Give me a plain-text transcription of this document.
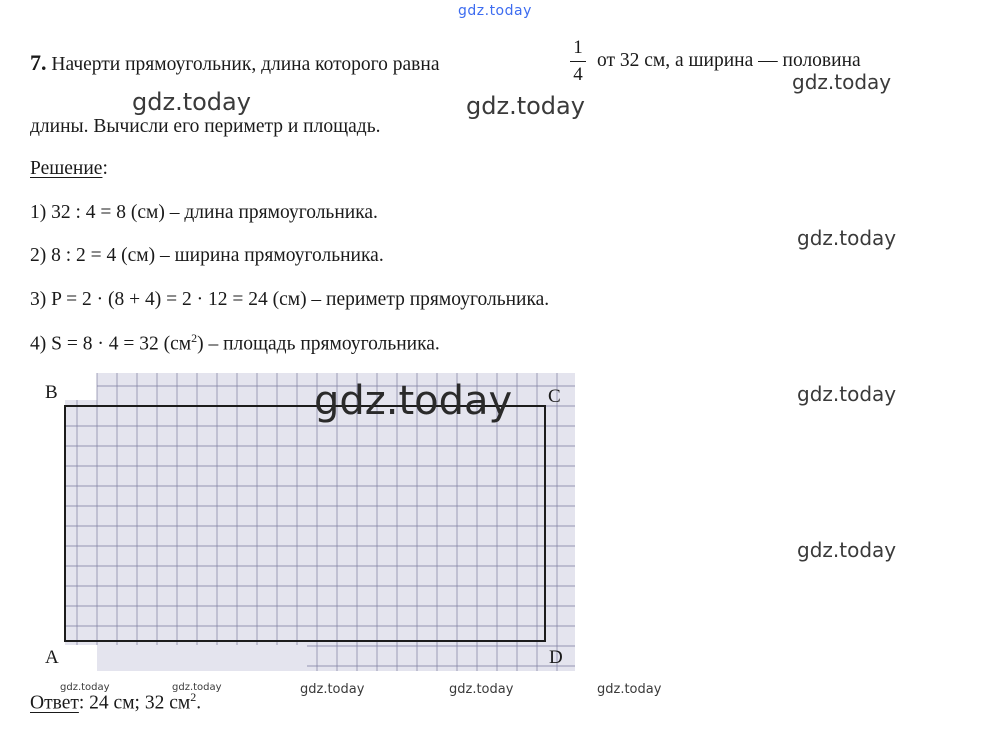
gdz.today
7. Начерти прямоугольник, длина которого равна
1
4
от 32 см, а ширина — половина
gdz.today
gdz.today	gdz.today
длины. Вычисли его периметр и площадь.
Решение:
1) 32 : 4 = 8 (см) – длина прямоугольника.
gdz.today
2) 8 : 2 = 4 (см) – ширина прямоугольника.
3) P = 2 · (8 + 4) = 2 · 12 = 24 (см) – периметр прямоугольника.
4) S = 8 · 4 = 32 $(см^2)$ – площадь прямоугольника.
gdz.today
gdz.today
B	C
A	D
gdz.today
gdz.today	gdz.today	gdz.today	gdz.today	gdz.today
Ответ: 24 см; 32 $см^2$.
